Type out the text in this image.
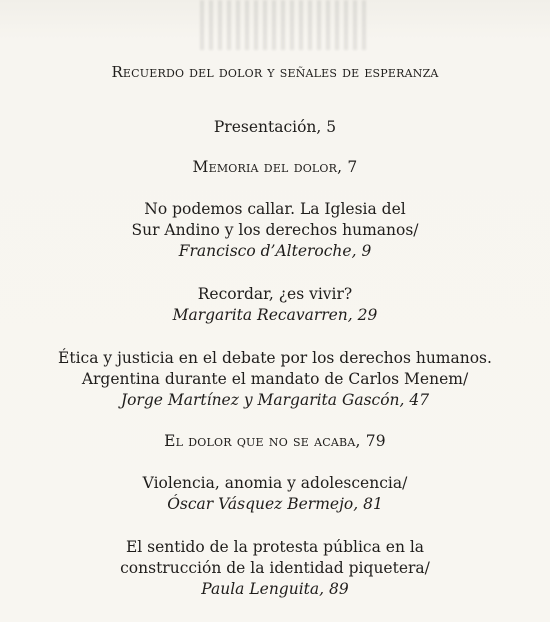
Recuerdo del dolor y señales de esperanza
Presentación, 5
Memoria del dolor, 7
No podemos callar. La Iglesia del
Sur Andino y los derechos humanos/
Francisco d’Alteroche, 9
Recordar, ¿es vivir?
Margarita Recavarren, 29
Ética y justicia en el debate por los derechos humanos.
Argentina durante el mandato de Carlos Menem/
Jorge Martínez y Margarita Gascón, 47
El dolor que no se acaba, 79
Violencia, anomia y adolescencia/
Óscar Vásquez Bermejo, 81
El sentido de la protesta pública en la
construcción de la identidad piquetera/
Paula Lenguita, 89
